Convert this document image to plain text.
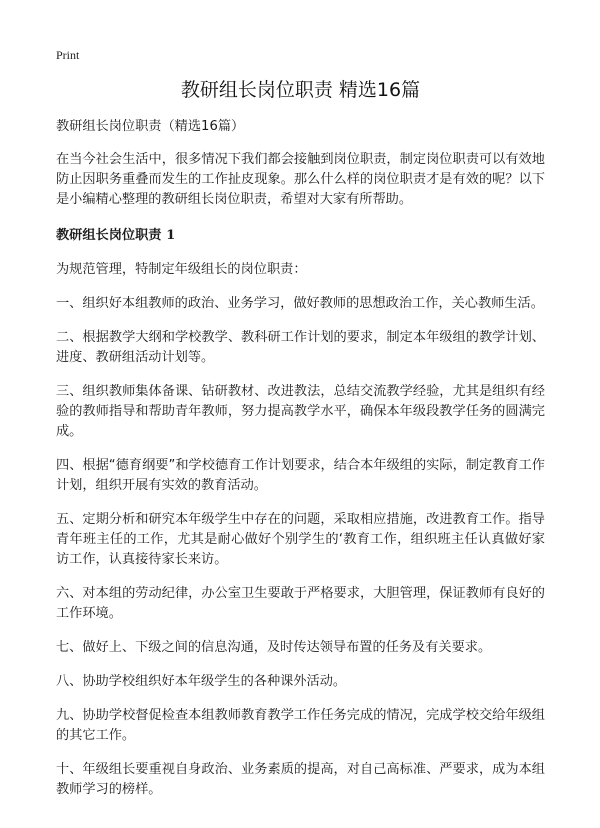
Print
教研组长岗位职责 精选16篇

教研组长岗位职责（精选16篇）

在当今社会生活中，很多情况下我们都会接触到岗位职责，制定岗位职责可以有效地防止因职务重叠而发生的工作扯皮现象。那么什么样的岗位职责才是有效的呢？以下是小编精心整理的教研组长岗位职责，希望对大家有所帮助。

教研组长岗位职责 1

为规范管理，特制定年级组长的岗位职责：

一、组织好本组教师的政治、业务学习，做好教师的思想政治工作，关心教师生活。

二、根据教学大纲和学校教学、教科研工作计划的要求，制定本年级组的教学计划、进度、教研组活动计划等。

三、组织教师集体备课、钻研教材、改进教法，总结交流教学经验，尤其是组织有经验的教师指导和帮助青年教师，努力提高教学水平，确保本年级段教学任务的圆满完成。

四、根据“德育纲要”和学校德育工作计划要求，结合本年级组的实际，制定教育工作计划，组织开展有实效的教育活动。

五、定期分析和研究本年级学生中存在的问题，采取相应措施，改进教育工作。指导青年班主任的工作，尤其是耐心做好个别学生的‘教育工作，组织班主任认真做好家访工作，认真接待家长来访。

六、对本组的劳动纪律，办公室卫生要敢于严格要求，大胆管理，保证教师有良好的工作环境。

七、做好上、下级之间的信息沟通，及时传达领导布置的任务及有关要求。

八、协助学校组织好本年级学生的各种课外活动。

九、协助学校督促检查本组教师教育教学工作任务完成的情况，完成学校交给年级组的其它工作。

十、年级组长要重视自身政治、业务素质的提高，对自己高标准、严要求，成为本组教师学习的榜样。
